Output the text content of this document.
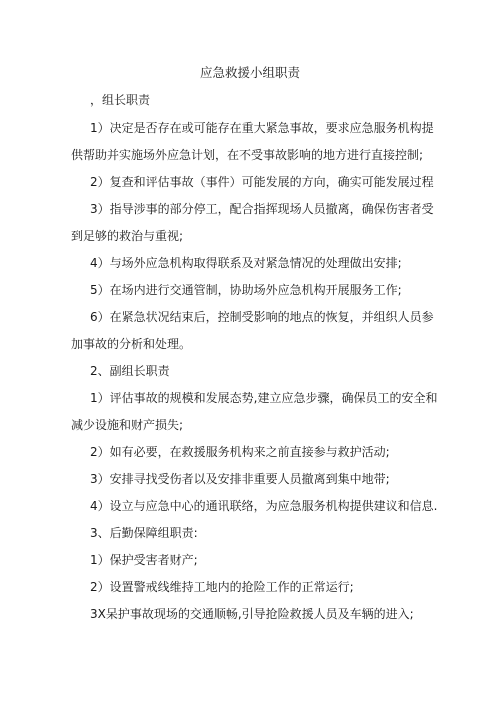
应急救援小组职责
，组长职责
1）决定是否存在或可能存在重大紧急事故，要求应急服务机构提
供帮助并实施场外应急计划，在不受事故影响的地方进行直接控制;
2）复查和评估事故（事件）可能发展的方向，确实可能发展过程
3）指导涉事的部分停工，配合指挥现场人员撤离，确保伤害者受
到足够的救治与重视;
4）与场外应急机构取得联系及对紧急情况的处理做出安排;
5）在场内进行交通管制，协助场外应急机构开展服务工作;
6）在紧急状况结束后，控制受影响的地点的恢复，并组织人员参
加事故的分析和处理。
2、副组长职责
1）评估事故的规模和发展态势,建立应急步骤，确保员工的安全和
减少设施和财产损失;
2）如有必要，在救援服务机构来之前直接参与救护活动;
3）安排寻找受伤者以及安排非重要人员撤离到集中地带;
4）设立与应急中心的通讯联络，为应急服务机构提供建议和信息.
3、后勤保障组职责:
1）保护受害者财产;
2）设置警戒线维持工地内的抢险工作的正常运行;
3X呆护事故现场的交通顺畅,引导抢险救援人员及车辆的进入;
